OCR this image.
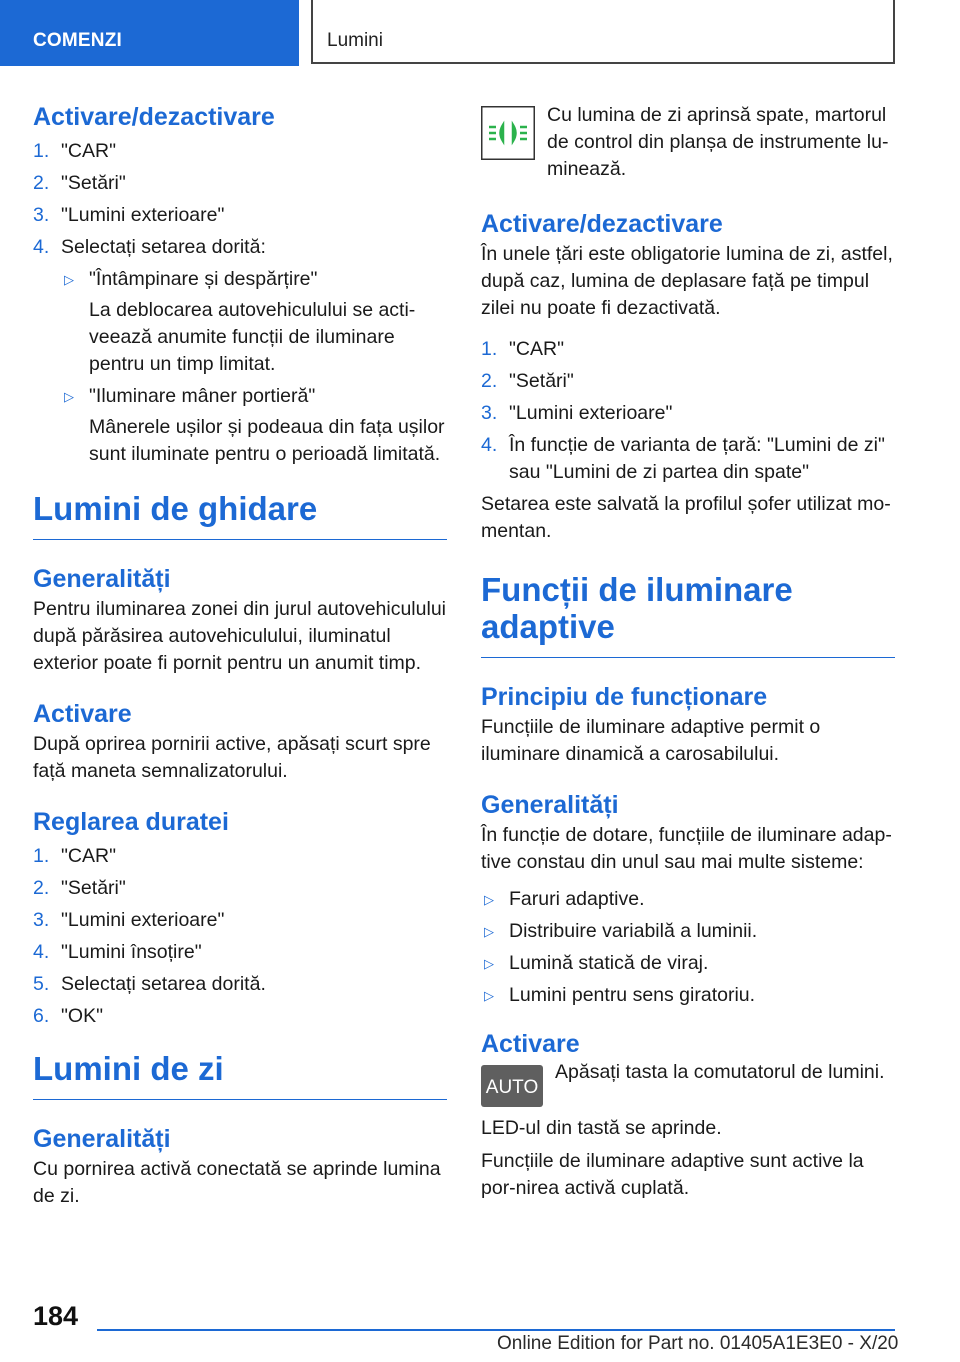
COMENZI	Lumini
Activare/dezactivare
1. "CAR"
2. "Setări"
3. "Lumini exterioare"
4. Selectați setarea dorită:
▷ "Întâmpinare și despărțire"

La deblocarea autovehiculului se acti-veează anumite funcții de iluminare pentru un timp limitat.

▷ "Iluminare mâner portieră"

Mânerele ușilor și podeaua din fața ușilor sunt iluminate pentru o perioadă limitată.

Lumini de ghidare
Generalități

Pentru iluminarea zonei din jurul autovehiculului după părăsirea autovehiculului, iluminatul exterior poate fi pornit pentru un anumit timp.

Activare

După oprirea pornirii active, apăsați scurt spre față maneta semnalizatorului.

Reglarea duratei
1. "CAR"
2. "Setări"
3. "Lumini exterioare"
4. "Lumini însoțire"
5. Selectați setarea dorită.
6. "OK"
Lumini de zi
Generalități

Cu pornirea activă conectată se aprinde lumina de zi.

Cu lumina de zi aprinsă spate, martorul de control din planșa de instrumente lu-minează.

Activare/dezactivare

În unele țări este obligatorie lumina de zi, astfel, după caz, lumina de deplasare față pe timpul zilei nu poate fi dezactivată.

1. "CAR"
2. "Setări"
3. "Lumini exterioare"
4. În funcție de varianta de țară: "Lumini de zi" sau "Lumini de zi partea din spate"

Setarea este salvată la profilul șofer utilizat mo-mentan.

Funcții de iluminare adaptive
Principiu de funcționare

Funcțiile de iluminare adaptive permit o iluminare dinamică a carosabilului.

Generalități

În funcție de dotare, funcțiile de iluminare adap-tive constau din unul sau mai multe sisteme:

▷ Faruri adaptive.
▷ Distribuire variabilă a luminii.
▷ Lumină statică de viraj.
▷ Lumini pentru sens giratoriu.
Activare
AUTO

Apăsați tasta la comutatorul de lumini.

LED-ul din tastă se aprinde.

Funcțiile de iluminare adaptive sunt active la por-nirea activă cuplată.

184
Online Edition for Part no. 01405A1E3E0 - X/20
